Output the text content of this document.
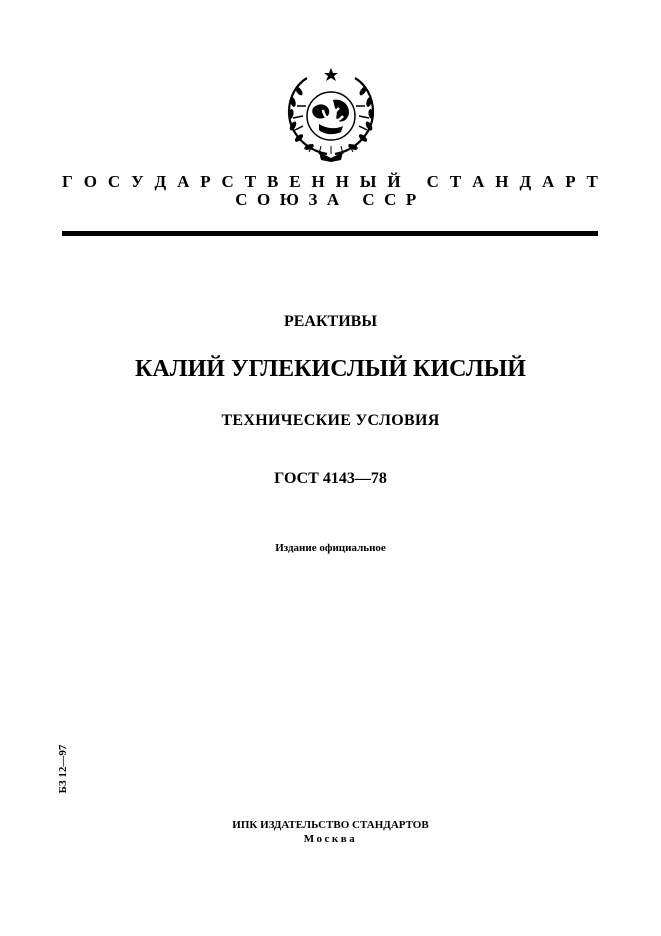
Г О С У Д А Р С Т В Е Н Н Ы Й
С Т А Н Д А Р Т
СОЮЗА ССР
РЕАКТИВЫ
КАЛИЙ УГЛЕКИСЛЫЙ КИСЛЫЙ
ТЕХНИЧЕСКИЕ УСЛОВИЯ
ГОСТ 4143—78
Издание официальное
БЗ 12—97
ИПК ИЗДАТЕЛЬСТВО СТАНДАРТОВ
Москва
